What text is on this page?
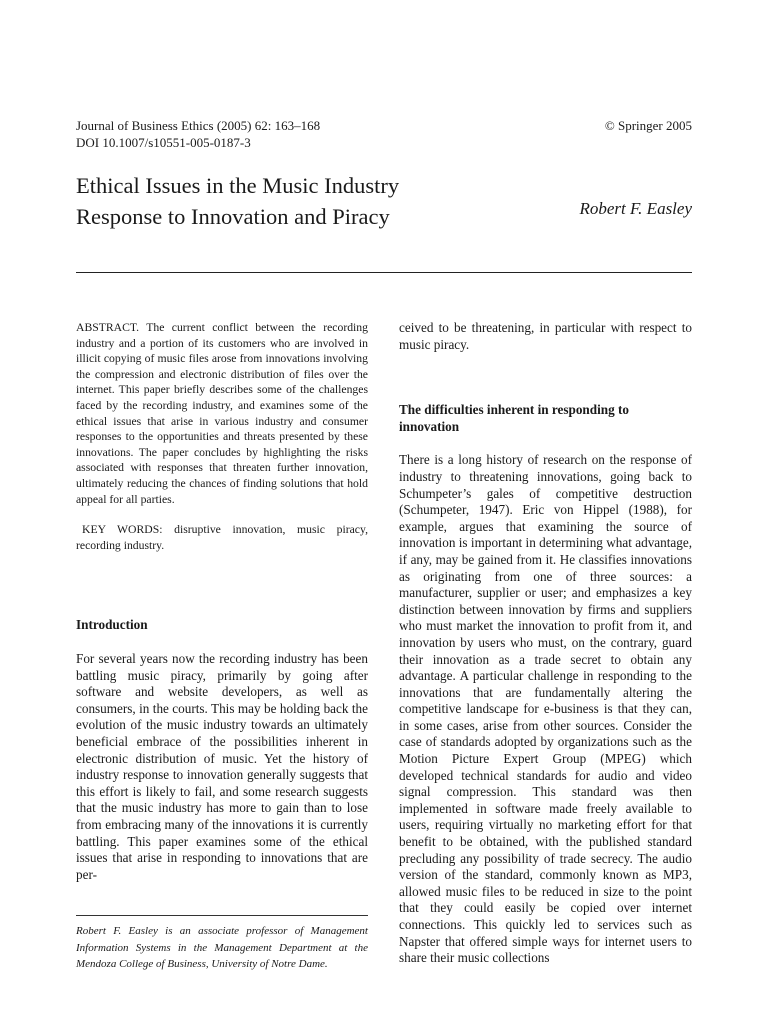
Journal of Business Ethics (2005) 62: 163–168
DOI 10.1007/s10551-005-0187-3
© Springer 2005
Ethical Issues in the Music Industry
Response to Innovation and Piracy	Robert F. Easley

ABSTRACT. The current conflict between the recording industry and a portion of its customers who are involved in illicit copying of music files arose from innovations involving the compression and electronic distribution of files over the internet. This paper briefly describes some of the challenges faced by the recording industry, and examines some of the ethical issues that arise in various industry and consumer responses to the opportunities and threats presented by these innovations. The paper concludes by highlighting the risks associated with responses that threaten further innovation, ultimately reducing the chances of finding solutions that hold appeal for all parties.

KEY WORDS: disruptive innovation, music piracy, recording industry.

Introduction

For several years now the recording industry has been battling music piracy, primarily by going after software and website developers, as well as consumers, in the courts. This may be holding back the evolution of the music industry towards an ultimately beneficial embrace of the possibilities inherent in electronic distribution of music. Yet the history of industry response to innovation generally suggests that this effort is likely to fail, and some research suggests that the music industry has more to gain than to lose from embracing many of the innovations it is currently battling. This paper examines some of the ethical issues that arise in responding to innovations that are per-

Robert F. Easley is an associate professor of Management Information Systems in the Management Department at the Mendoza College of Business, University of Notre Dame.

ceived to be threatening, in particular with respect to music piracy.

The difficulties inherent in responding to innovation

There is a long history of research on the response of industry to threatening innovations, going back to Schumpeter’s gales of competitive destruction (Schumpeter, 1947). Eric von Hippel (1988), for example, argues that examining the source of innovation is important in determining what advantage, if any, may be gained from it. He classifies innovations as originating from one of three sources: a manufacturer, supplier or user; and emphasizes a key distinction between innovation by firms and suppliers who must market the innovation to profit from it, and innovation by users who must, on the contrary, guard their innovation as a trade secret to obtain any advantage. A particular challenge in responding to the innovations that are fundamentally altering the competitive landscape for e-business is that they can, in some cases, arise from other sources. Consider the case of standards adopted by organizations such as the Motion Picture Expert Group (MPEG) which developed technical standards for audio and video signal compression. This standard was then implemented in software made freely available to users, requiring virtually no marketing effort for that benefit to be obtained, with the published standard precluding any possibility of trade secrecy. The audio version of the standard, commonly known as MP3, allowed music files to be reduced in size to the point that they could easily be copied over internet connections. This quickly led to services such as Napster that offered simple ways for internet users to share their music collections
